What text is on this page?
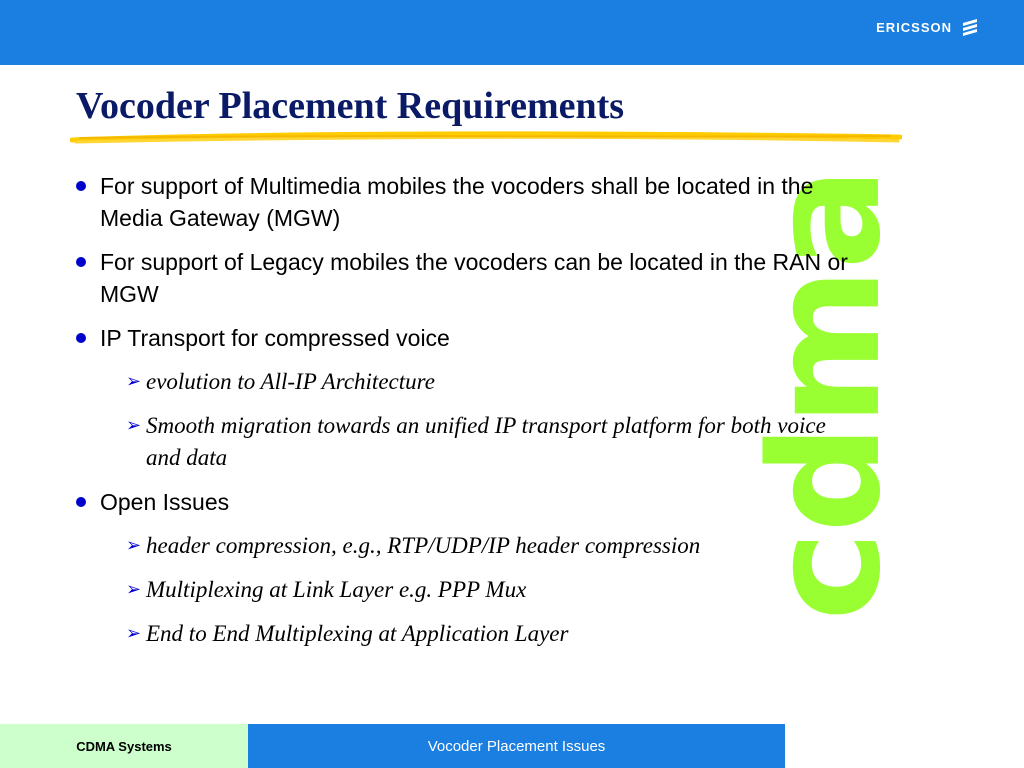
ERICSSON
cdma
Vocoder Placement Requirements
For support of Multimedia mobiles the vocoders shall be located in the Media Gateway (MGW)
For support of Legacy mobiles the vocoders can be located in the RAN or MGW
IP Transport for compressed voice
➢ evolution to All-IP Architecture
➢ Smooth migration towards an unified IP transport platform for both voice and data
Open Issues
➢ header compression, e.g., RTP/UDP/IP header compression
➢ Multiplexing at Link Layer e.g. PPP Mux
➢ End to End Multiplexing at Application Layer
CDMA Systems	Vocoder Placement Issues
